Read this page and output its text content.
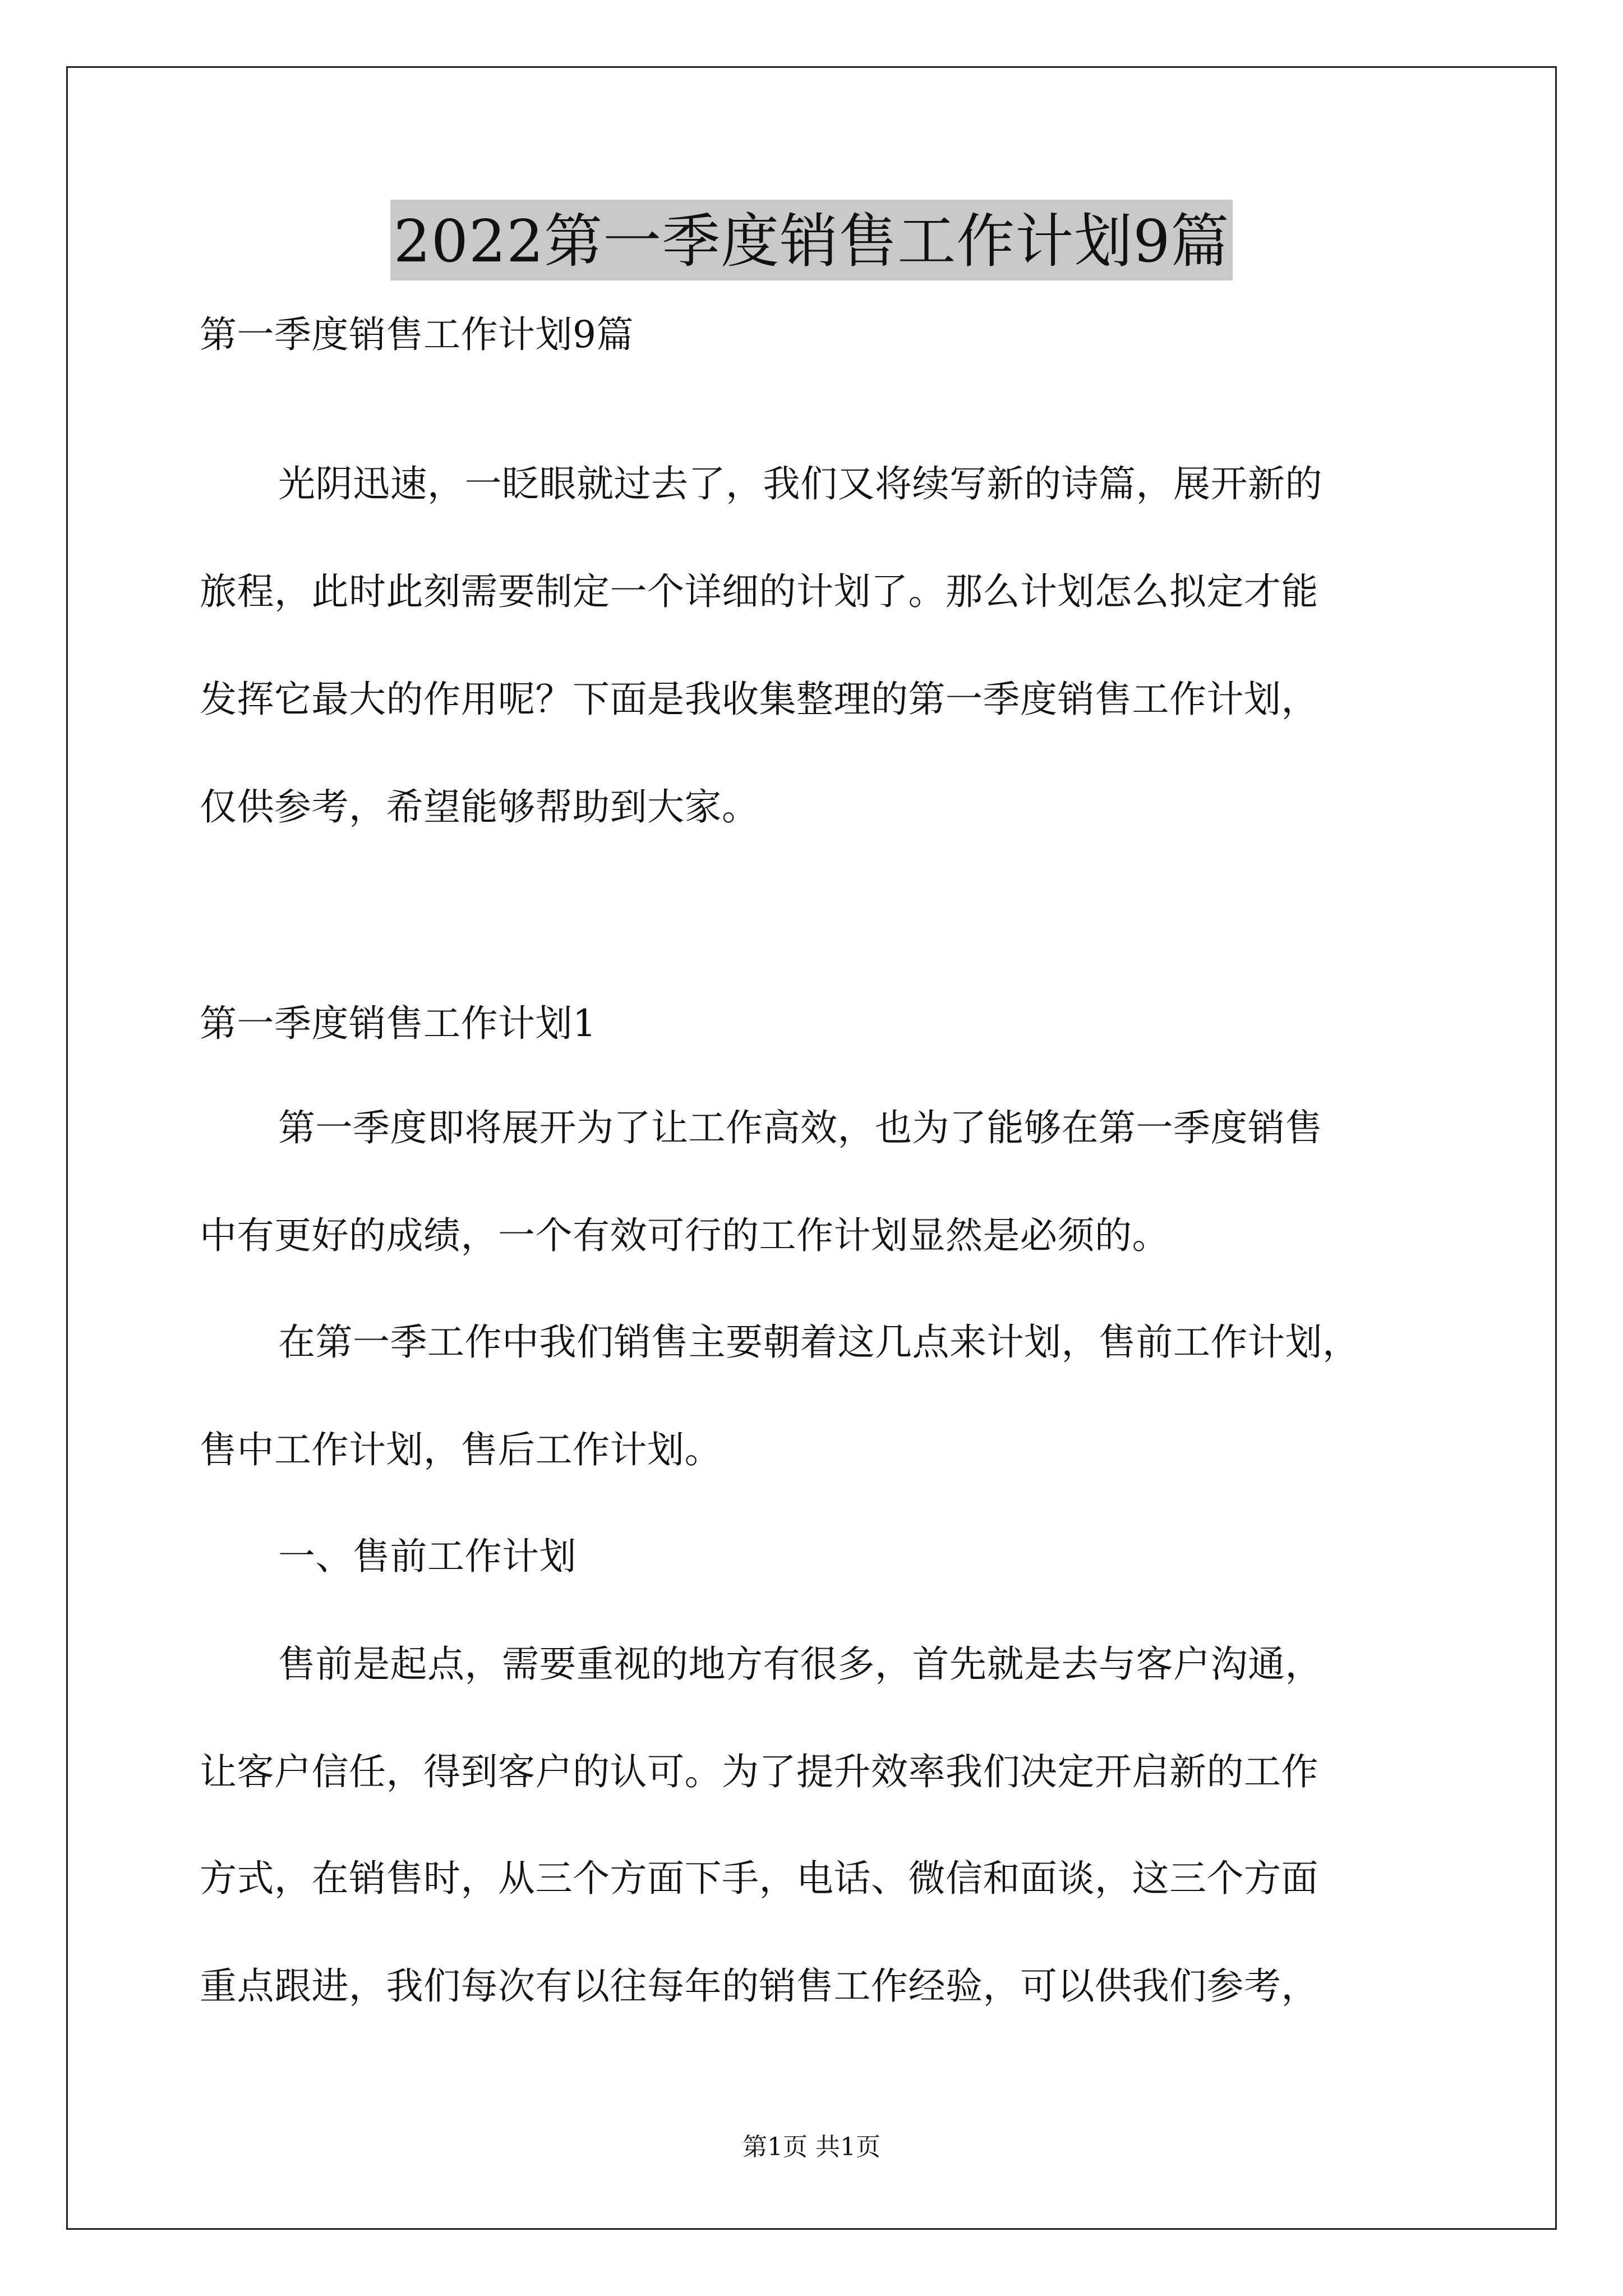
2022第一季度销售工作计划9篇
第一季度销售工作计划9篇
光阴迅速，一眨眼就过去了，我们又将续写新的诗篇，展开新的
旅程，此时此刻需要制定一个详细的计划了。那么计划怎么拟定才能
发挥它最大的作用呢？下面是我收集整理的第一季度销售工作计划，
仅供参考，希望能够帮助到大家。
第一季度销售工作计划1
第一季度即将展开为了让工作高效，也为了能够在第一季度销售
中有更好的成绩，一个有效可行的工作计划显然是必须的。
在第一季工作中我们销售主要朝着这几点来计划，售前工作计划，
售中工作计划，售后工作计划。
一、售前工作计划
售前是起点，需要重视的地方有很多，首先就是去与客户沟通，
让客户信任，得到客户的认可。为了提升效率我们决定开启新的工作
方式，在销售时，从三个方面下手，电话、微信和面谈，这三个方面
重点跟进，我们每次有以往每年的销售工作经验，可以供我们参考，
第1页 共1页
